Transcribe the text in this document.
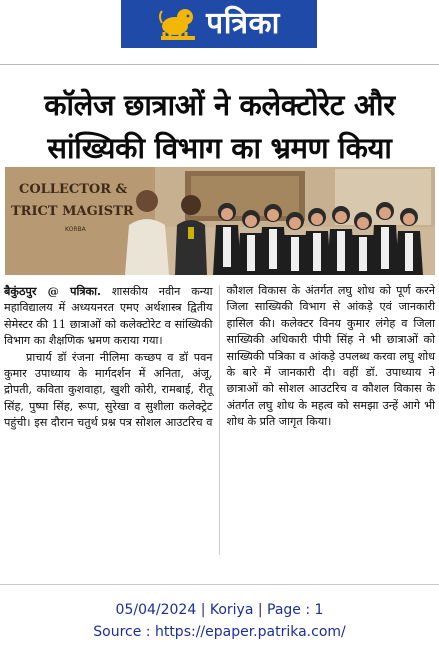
पत्रिका
कॉलेज छात्राओं ने कलेक्टोरेट और
सांख्यिकी विभाग का भ्रमण किया
COLLECTOR &
TRICT MAGISTR
KORBA

बैकुंठपुर @ पत्रिका. शासकीय नवीन कन्या महाविद्यालय में अध्ययनरत एमए अर्थशास्त्र द्वितीय सेमेस्टर की 11 छात्राओं को कलेक्टोरेट व सांख्यिकी विभाग का शैक्षणिक भ्रमण कराया गया।

प्राचार्य डॉ रंजना नीलिमा कच्छप व डॉ पवन कुमार उपाध्याय के मार्गदर्शन में अनिता, अंजू, द्रोपती, कविता कुशवाहा, खुशी कोरी, रामबाई, रीतू सिंह, पुष्पा सिंह, रूपा, सुरेखा व सुशीला कलेक्ट्रेट पहुंची। इस दौरान चतुर्थ प्रश्न पत्र सोशल आउटरिच व कौशल विकास के अंतर्गत लघु शोध को पूर्ण करने जिला साख्यिकी विभाग से आंकड़े एवं जानकारी हासिल की। कलेक्टर विनय कुमार लंगेह व जिला साख्यिकी अधिकारी पीपी सिंह ने भी छात्राओं को साख्यिकी पत्रिका व आंकड़े उपलब्ध करवा लघु शोध के बारे में जानकारी दी। वहीं डॉ. उपाध्याय ने छात्राओं को सोशल आउटरिच व कौशल विकास के अंतर्गत लघु शोध के महत्व को समझा उन्हें आगे भी शोध के प्रति जागृत किया।

05/04/2024 | Koriya | Page : 1
Source : https://epaper.patrika.com/
